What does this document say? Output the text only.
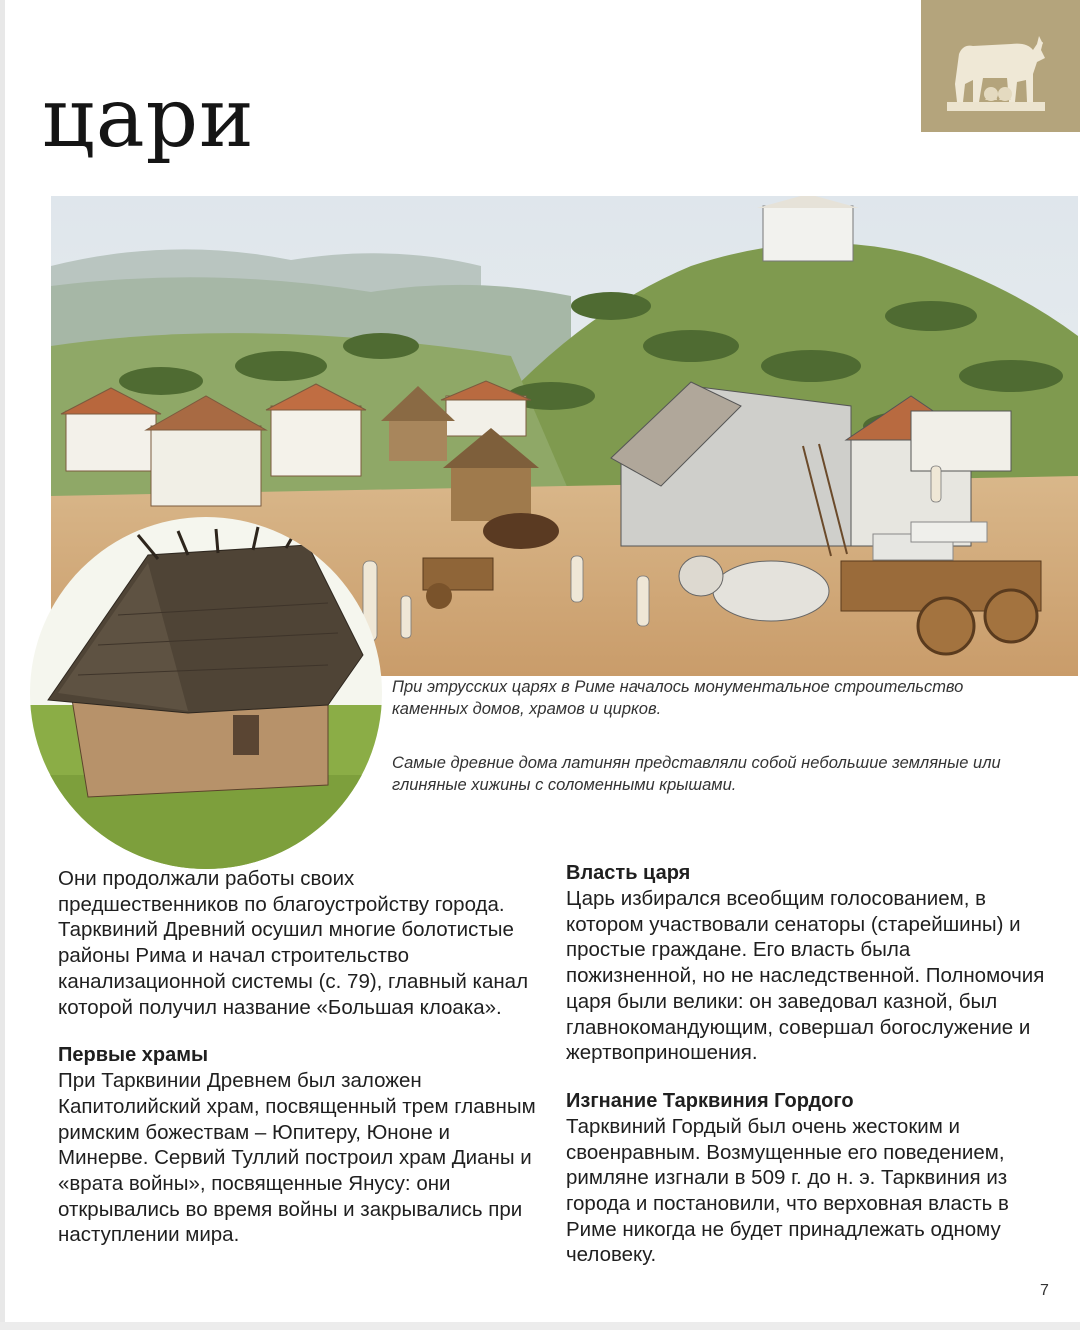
цари

При этрусских царях в Риме началось монументальное строительство каменных домов, храмов и цирков.

Самые древние дома латинян представляли собой небольшие земляные или глиняные хижины с соломенными крышами.

Они продолжали работы своих предшественников по благоустройству города. Тарквиний Древний осушил многие болотистые районы Рима и начал строительство канализационной системы (с. 79), главный канал которой получил название «Большая клоака».

Первые храмы

При Тарквинии Древнем был заложен Капитолийский храм, посвященный трем главным римским божествам – Юпитеру, Юноне и Минерве. Сервий Туллий построил храм Дианы и «врата войны», посвященные Янусу: они открывались во время войны и закрывались при наступлении мира.

Власть царя

Царь избирался всеобщим голосованием, в котором участвовали сенаторы (старейшины) и простые граждане. Его власть была пожизненной, но не наследственной. Полномочия царя были велики: он заведовал казной, был главнокомандующим, совершал богослужение и жертвоприношения.

Изгнание Тарквиния Гордого

Тарквиний Гордый был очень жестоким и своенравным. Возмущенные его поведением, римляне изгнали в 509 г. до н. э. Тарквиния из города и постановили, что верховная власть в Риме никогда не будет принадлежать одному человеку.

7
